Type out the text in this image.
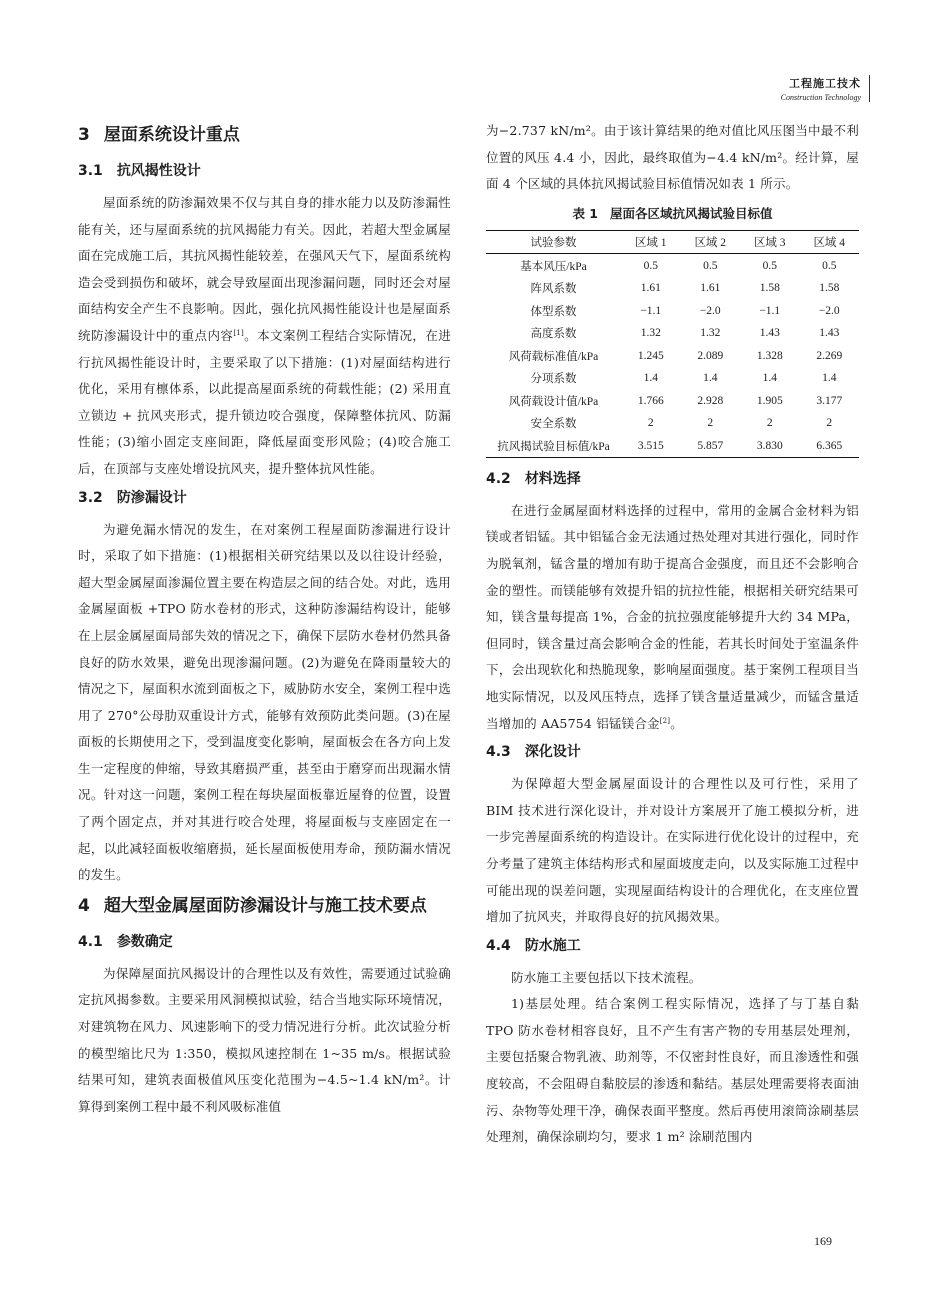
工程施工技术
Construction Technology
3 屋面系统设计重点
3.1 抗风揭性设计

屋面系统的防渗漏效果不仅与其自身的排水能力以及防渗漏性能有关，还与屋面系统的抗风揭能力有关。因此，若超大型金属屋面在完成施工后，其抗风揭性能较差，在强风天气下，屋面系统构造会受到损伤和破坏，就会导致屋面出现渗漏问题，同时还会对屋面结构安全产生不良影响。因此，强化抗风揭性能设计也是屋面系统防渗漏设计中的重点内容[1]。本文案例工程结合实际情况，在进行抗风揭性能设计时，主要采取了以下措施：(1)对屋面结构进行优化，采用有檩体系，以此提高屋面系统的荷载性能；(2) 采用直立锁边 + 抗风夹形式，提升锁边咬合强度，保障整体抗风、防漏性能；(3)缩小固定支座间距，降低屋面变形风险；(4)咬合施工后，在顶部与支座处增设抗风夹，提升整体抗风性能。

3.2 防渗漏设计

为避免漏水情况的发生，在对案例工程屋面防渗漏进行设计时，采取了如下措施：(1)根据相关研究结果以及以往设计经验，超大型金属屋面渗漏位置主要在构造层之间的结合处。对此，选用金属屋面板 +TPO 防水卷材的形式，这种防渗漏结构设计，能够在上层金属屋面局部失效的情况之下，确保下层防水卷材仍然具备良好的防水效果，避免出现渗漏问题。(2)为避免在降雨量较大的情况之下，屋面积水流到面板之下，威胁防水安全，案例工程中选用了 270°公母肋双重设计方式，能够有效预防此类问题。(3)在屋面板的长期使用之下，受到温度变化影响，屋面板会在各方向上发生一定程度的伸缩，导致其磨损严重，甚至由于磨穿而出现漏水情况。针对这一问题，案例工程在每块屋面板靠近屋脊的位置，设置了两个固定点，并对其进行咬合处理，将屋面板与支座固定在一起，以此减轻面板收缩磨损，延长屋面板使用寿命，预防漏水情况的发生。

4 超大型金属屋面防渗漏设计与施工技术要点
4.1 参数确定

为保障屋面抗风揭设计的合理性以及有效性，需要通过试验确定抗风揭参数。主要采用风洞模拟试验，结合当地实际环境情况，对建筑物在风力、风速影响下的受力情况进行分析。此次试验分析的模型缩比尺为 1:350，模拟风速控制在 1~35 m/s。根据试验结果可知，建筑表面极值风压变化范围为−4.5~1.4 kN/m²。计算得到案例工程中最不利风吸标准值

为−2.737 kN/m²。由于该计算结果的绝对值比风压图当中最不利位置的风压 4.4 小，因此，最终取值为−4.4 kN/m²。经计算，屋面 4 个区域的具体抗风揭试验目标值情况如表 1 所示。

表 1 屋面各区域抗风揭试验目标值
试验参数	区域 1	区域 2	区域 3	区域 4
基本风压/kPa	0.5	0.5	0.5	0.5
阵风系数	1.61	1.61	1.58	1.58
体型系数	−1.1	−2.0	−1.1	−2.0
高度系数	1.32	1.32	1.43	1.43
风荷载标准值/kPa	1.245	2.089	1.328	2.269
分项系数	1.4	1.4	1.4	1.4
风荷载设计值/kPa	1.766	2.928	1.905	3.177
安全系数	2	2	2	2
抗风揭试验目标值/kPa	3.515	5.857	3.830	6.365
4.2 材料选择

在进行金属屋面材料选择的过程中，常用的金属合金材料为铝镁或者铝锰。其中铝锰合金无法通过热处理对其进行强化，同时作为脱氧剂，锰含量的增加有助于提高合金强度，而且还不会影响合金的塑性。而镁能够有效提升铝的抗拉性能，根据相关研究结果可知，镁含量每提高 1%，合金的抗拉强度能够提升大约 34 MPa，但同时，镁含量过高会影响合金的性能，若其长时间处于室温条件下，会出现软化和热脆现象，影响屋面强度。基于案例工程项目当地实际情况，以及风压特点，选择了镁含量适量减少，而锰含量适当增加的 AA5754 铝锰镁合金[2]。

4.3 深化设计

为保障超大型金属屋面设计的合理性以及可行性，采用了 BIM 技术进行深化设计，并对设计方案展开了施工模拟分析，进一步完善屋面系统的构造设计。在实际进行优化设计的过程中，充分考量了建筑主体结构形式和屋面坡度走向，以及实际施工过程中可能出现的误差问题，实现屋面结构设计的合理优化，在支座位置增加了抗风夹，并取得良好的抗风揭效果。

4.4 防水施工

防水施工主要包括以下技术流程。

1)基层处理。结合案例工程实际情况，选择了与丁基自黏 TPO 防水卷材相容良好，且不产生有害产物的专用基层处理剂，主要包括聚合物乳液、助剂等，不仅密封性良好，而且渗透性和强度较高，不会阻碍自黏胶层的渗透和黏结。基层处理需要将表面油污、杂物等处理干净，确保表面平整度。然后再使用滚筒涂刷基层处理剂，确保涂刷均匀，要求 1 m² 涂刷范围内

169
